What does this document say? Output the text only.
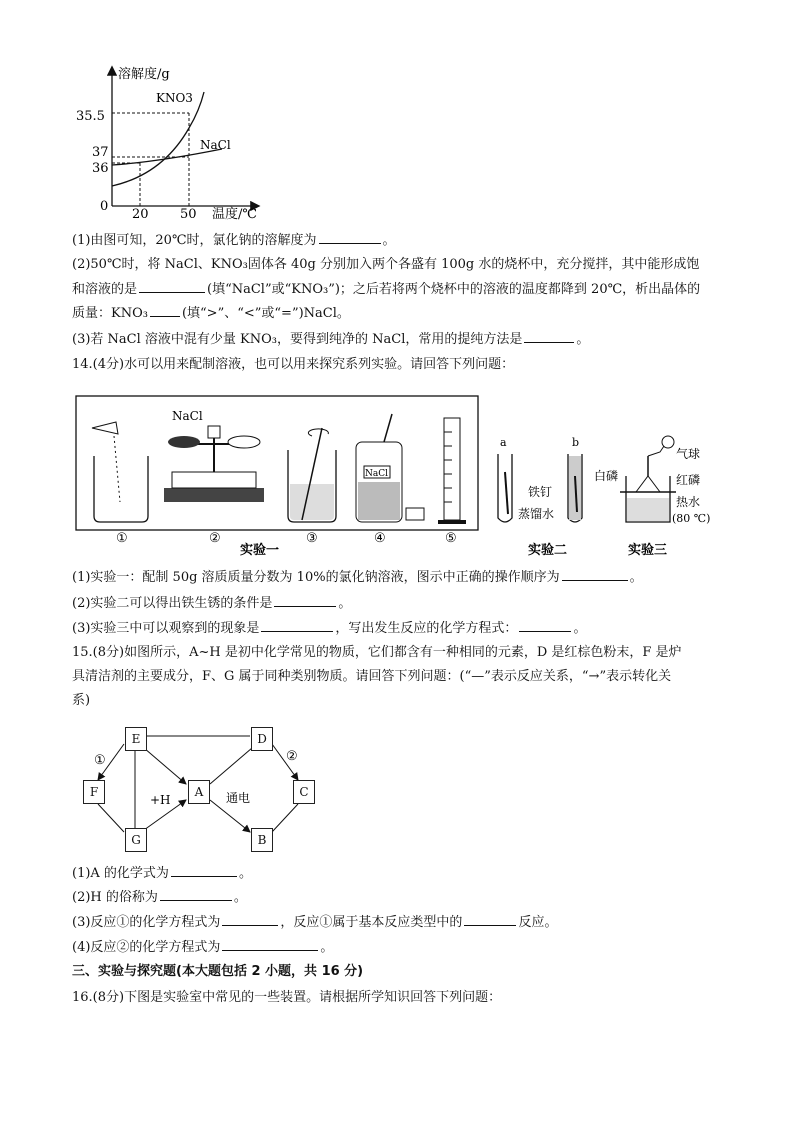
溶解度/g
温度/℃
35.5
37
36
0
20 50
KNO3
NaCl
(1)由图可知，20℃时，氯化钠的溶解度为	。
(2)50℃时，将 NaCl、KNO₃固体各 40g 分别加入两个各盛有 100g 水的烧杯中，充分搅拌，其中能形成饱
和溶液的是	(填“NaCl”或“KNO₃”)；之后若将两个烧杯中的溶液的温度都降到 20℃，析出晶体的
质量：KNO₃	(填“>”、“<”或“=”)NaCl。
(3)若 NaCl 溶液中混有少量 KNO₃，要得到纯净的 NaCl，常用的提纯方法是	。
14.(4分)水可以用来配制溶液，也可以用来探究系列实验。请回答下列问题：
①
NaCl
②	③
NaCl
④	⑤
实验一
a	b
铁钉
蒸馏水
实验二
气球
白磷	红磷
热水
(80 ℃)
实验三
(1)实验一：配制 50g 溶质质量分数为 10%的氯化钠溶液，图示中正确的操作顺序为	。
(2)实验二可以得出铁生锈的条件是	。
(3)实验三中可以观察到的现象是	，写出发生反应的化学方程式：	。
15.(8分)如图所示，A~H 是初中化学常见的物质，它们都含有一种相同的元素，D 是红棕色粉末，F 是炉
具清洁剂的主要成分，F、G 属于同种类别物质。请回答下列问题：(“—”表示反应关系，“→”表示转化关
系)
①	②
+H	通电
E	D
F	A	C
G	B
(1)A 的化学式为	。
(2)H 的俗称为	。
(3)反应①的化学方程式为	，反应①属于基本反应类型中的	反应。
(4)反应②的化学方程式为	。
三、实验与探究题(本大题包括 2 小题，共 16 分)
16.(8分)下图是实验室中常见的一些装置。请根据所学知识回答下列问题：
